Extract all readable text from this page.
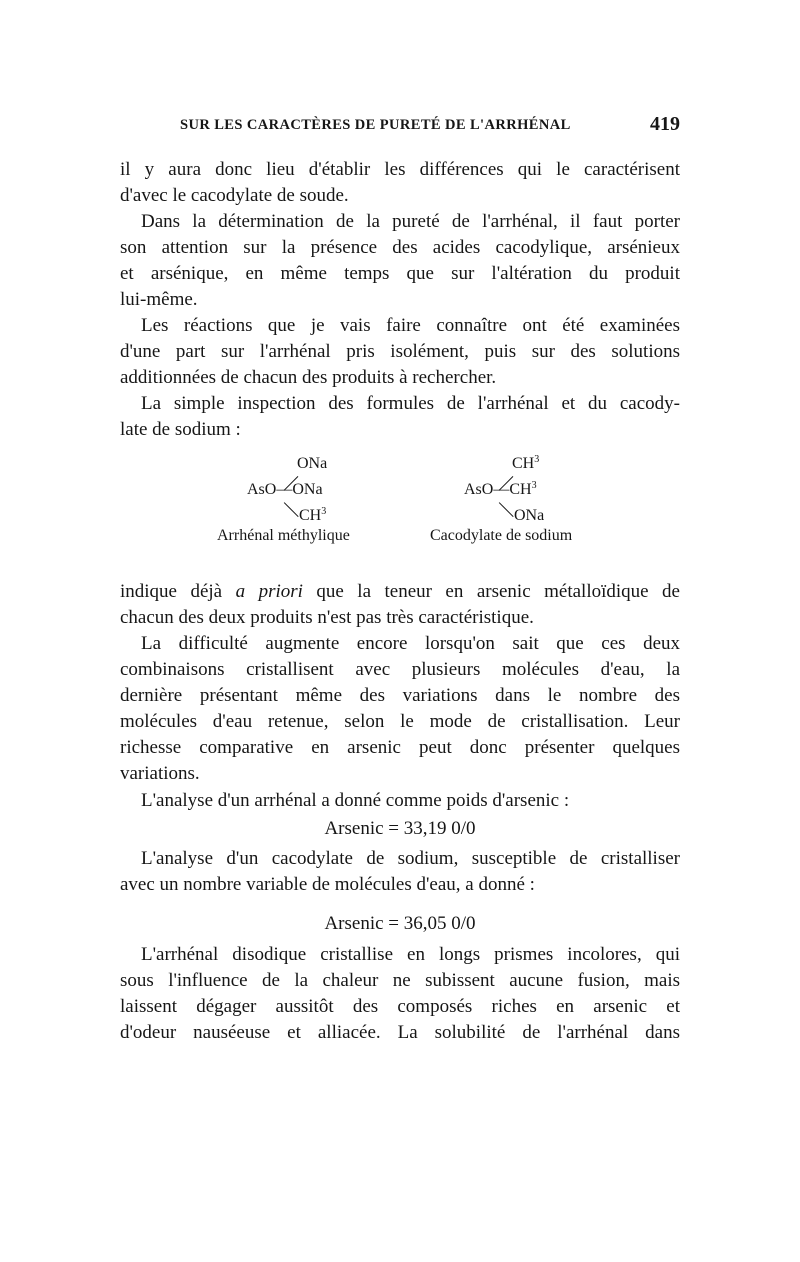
SUR LES CARACTÈRES DE PURETÉ DE L'ARRHÉNAL	419
il y aura donc lieu d'établir les différences qui le caractérisent
d'avec le cacodylate de soude.
Dans la détermination de la pureté de l'arrhénal, il faut porter
son attention sur la présence des acides cacodylique, arsénieux
et arsénique, en même temps que sur l'altération du produit
lui-même.
Les réactions que je vais faire connaître ont été examinées
d'une part sur l'arrhénal pris isolément, puis sur des solutions
additionnées de chacun des produits à rechercher.
La simple inspection des formules de l'arrhénal et du cacody-
late de sodium :
ONa
AsO—ONa
$CH^3$
Arrhénal méthylique
$CH^3$
$AsO—CH^3$
ONa
Cacodylate de sodium
indique déjà a priori que la teneur en arsenic métalloïdique de
chacun des deux produits n'est pas très caractéristique.
La difficulté augmente encore lorsqu'on sait que ces deux
combinaisons cristallisent avec plusieurs molécules d'eau, la
dernière présentant même des variations dans le nombre des
molécules d'eau retenue, selon le mode de cristallisation. Leur
richesse comparative en arsenic peut donc présenter quelques
variations.
L'analyse d'un arrhénal a donné comme poids d'arsenic :
Arsenic = 33,19 0/0
L'analyse d'un cacodylate de sodium, susceptible de cristalliser
avec un nombre variable de molécules d'eau, a donné :
Arsenic = 36,05 0/0
L'arrhénal disodique cristallise en longs prismes incolores, qui
sous l'influence de la chaleur ne subissent aucune fusion, mais
laissent dégager aussitôt des composés riches en arsenic et
d'odeur nauséeuse et alliacée. La solubilité de l'arrhénal dans
